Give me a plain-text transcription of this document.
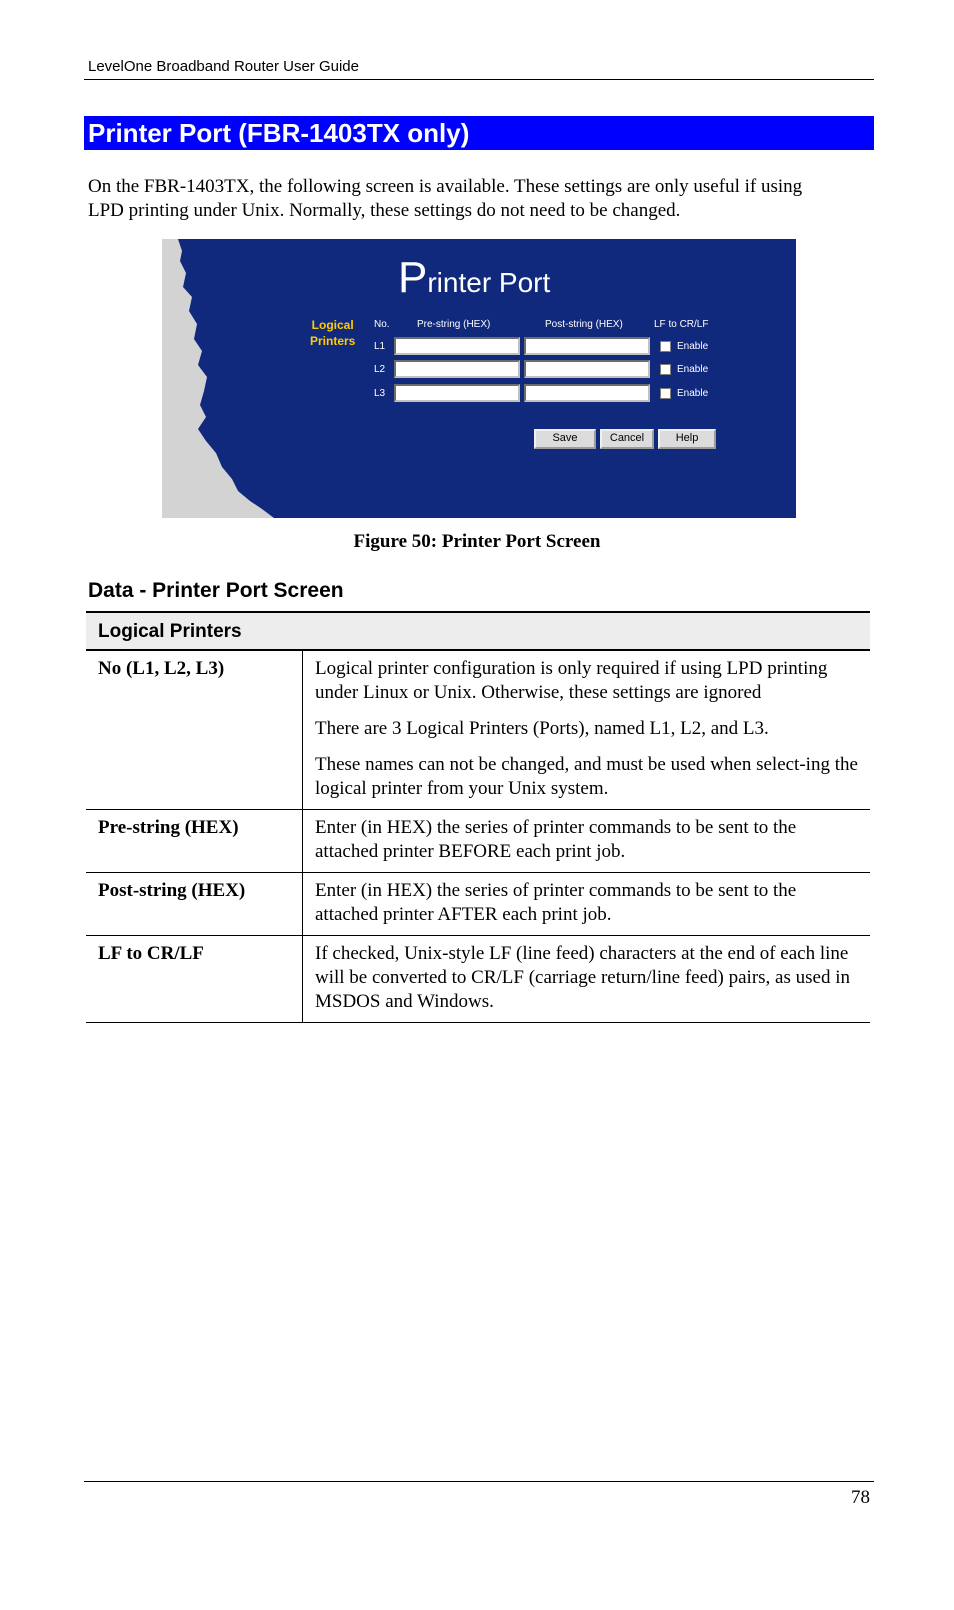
LevelOne Broadband Router User Guide
Printer Port (FBR-1403TX only)

On the FBR-1403TX, the following screen is available. These settings are only useful if using

LPD printing under Unix. Normally, these settings do not need to be changed.

Printer Port
Logical
Printers
No.	Pre-string (HEX)	Post-string (HEX)	LF to CR/LF
L1	Enable
L2	Enable
L3	Enable
Save	Cancel	Help
Figure 50: Printer Port Screen
Data - Printer Port Screen
Logical Printers	
No (L1, L2, L3)	Logical printer configuration is only required if using LPD printing under Linux or Unix. Otherwise, these settings are ignored

There are 3 Logical Printers (Ports), named L1, L2, and L3.

These names can not be changed, and must be used when select-ing the logical printer from your Unix system.

Pre-string (HEX)	Enter (in HEX) the series of printer commands to be sent to the attached printer BEFORE each print job.

Post-string (HEX)	Enter (in HEX) the series of printer commands to be sent to the attached printer AFTER each print job.

LF to CR/LF	If checked, Unix-style LF (line feed) characters at the end of each line will be converted to CR/LF (carriage return/line feed) pairs, as used in MSDOS and Windows.

78
